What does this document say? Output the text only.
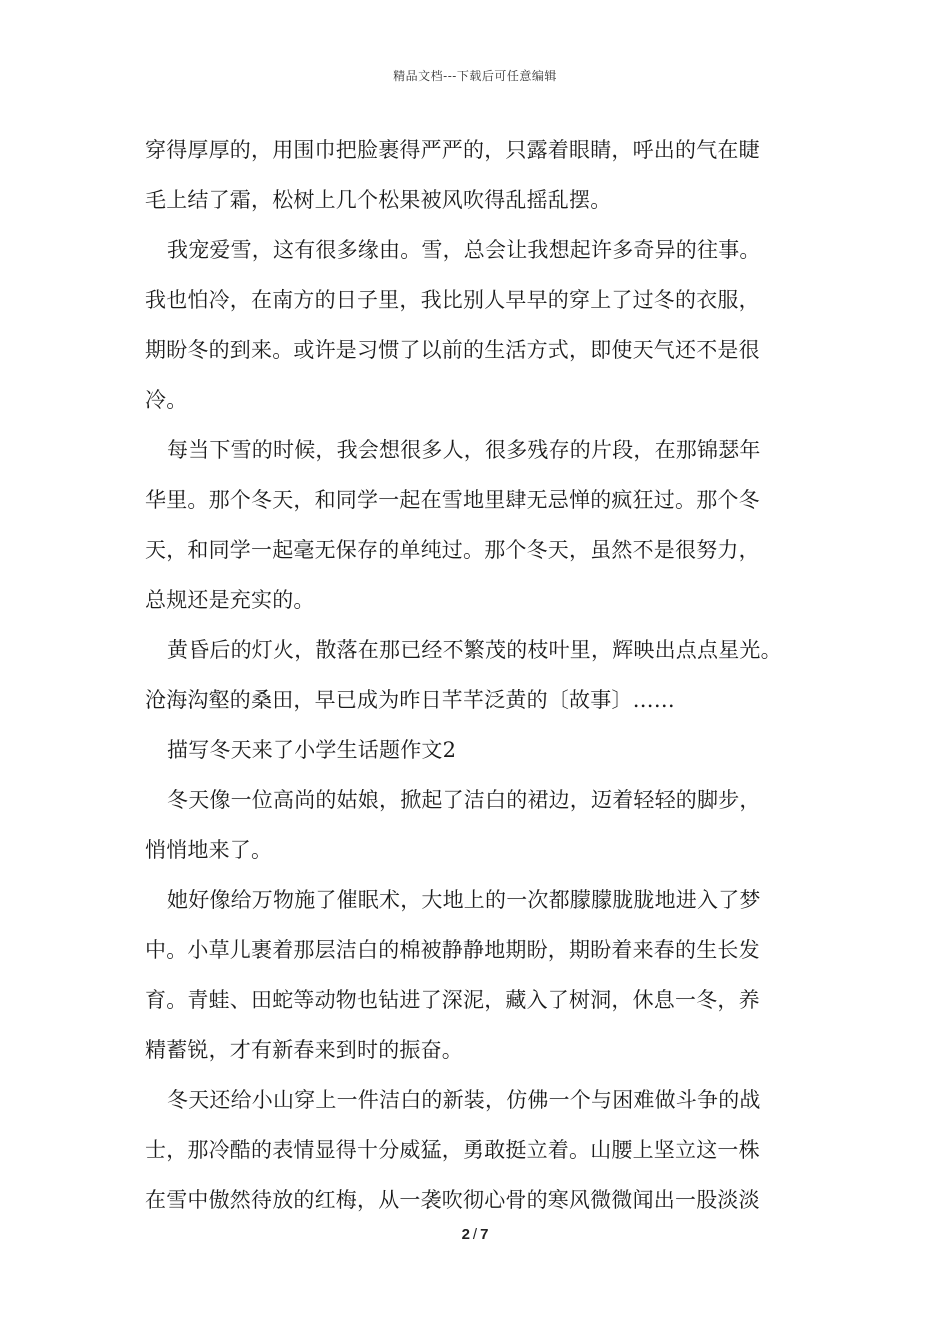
精品文档---下载后可任意编辑
穿得厚厚的，用围巾把脸裹得严严的，只露着眼睛，呼出的气在睫
毛上结了霜，松树上几个松果被风吹得乱摇乱摆。
我宠爱雪，这有很多缘由。雪，总会让我想起许多奇异的往事。
我也怕冷，在南方的日子里，我比别人早早的穿上了过冬的衣服，
期盼冬的到来。或许是习惯了以前的生活方式，即使天气还不是很
冷。
每当下雪的时候，我会想很多人，很多残存的片段，在那锦瑟年
华里。那个冬天，和同学一起在雪地里肆无忌惮的疯狂过。那个冬
天，和同学一起毫无保存的单纯过。那个冬天，虽然不是很努力，
总规还是充实的。
黄昏后的灯火，散落在那已经不繁茂的枝叶里，辉映出点点星光。
沧海沟壑的桑田，早已成为昨日芊芊泛黄的〔故事〕……
描写冬天来了小学生话题作文2
冬天像一位高尚的姑娘，掀起了洁白的裙边，迈着轻轻的脚步，
悄悄地来了。
她好像给万物施了催眠术，大地上的一次都朦朦胧胧地进入了梦
中。小草儿裹着那层洁白的棉被静静地期盼，期盼着来春的生长发
育。青蛙、田蛇等动物也钻进了深泥，藏入了树洞，休息一冬，养
精蓄锐，才有新春来到时的振奋。
冬天还给小山穿上一件洁白的新装，仿佛一个与困难做斗争的战
士，那冷酷的表情显得十分威猛，勇敢挺立着。山腰上坚立这一株
在雪中傲然待放的红梅，从一袭吹彻心骨的寒风微微闻出一股淡淡
2 / 7
